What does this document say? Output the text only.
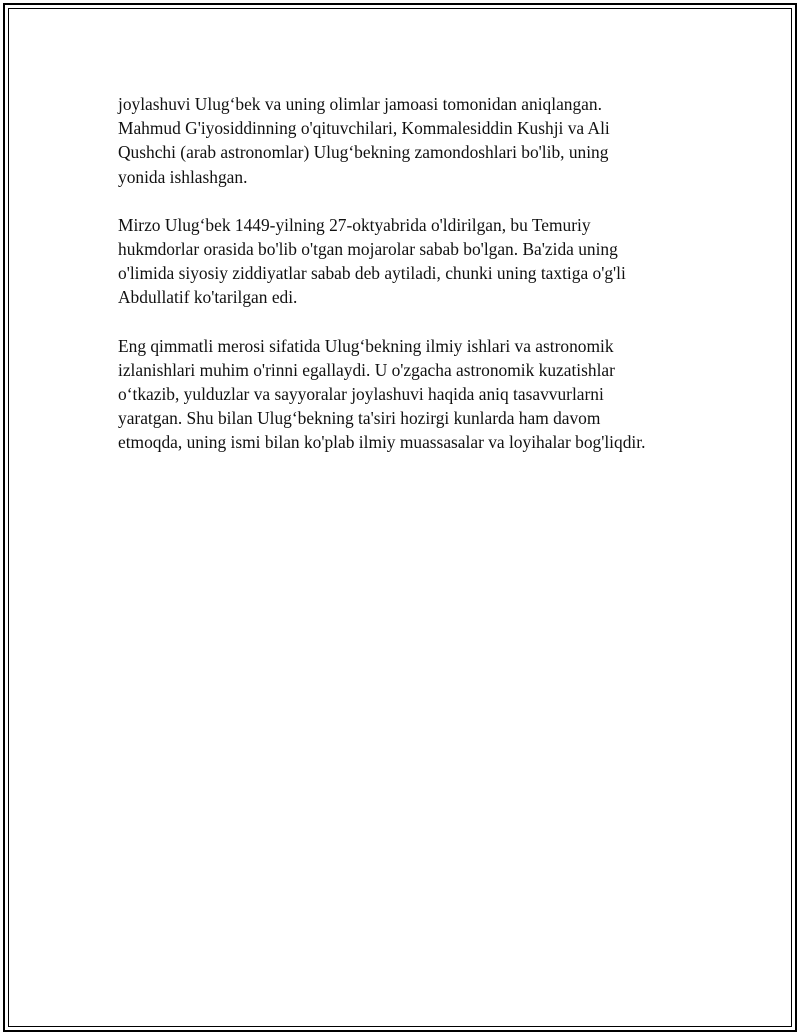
joylashuvi Ulug‘bek va uning olimlar jamoasi tomonidan aniqlangan.
Mahmud G'iyosiddinning o'qituvchilari, Kommalesiddin Kushji va Ali
Qushchi (arab astronomlar) Ulug‘bekning zamondoshlari bo'lib, uning
yonida ishlashgan.

Mirzo Ulug‘bek 1449-yilning 27-oktyabrida o'ldirilgan, bu Temuriy
hukmdorlar orasida bo'lib o'tgan mojarolar sabab bo'lgan. Ba'zida uning
o'limida siyosiy ziddiyatlar sabab deb aytiladi, chunki uning taxtiga o'g'li
Abdullatif ko'tarilgan edi.

Eng qimmatli merosi sifatida Ulug‘bekning ilmiy ishlari va astronomik
izlanishlari muhim o'rinni egallaydi. U o'zgacha astronomik kuzatishlar
o‘tkazib, yulduzlar va sayyoralar joylashuvi haqida aniq tasavvurlarni
yaratgan. Shu bilan Ulug‘bekning ta'siri hozirgi kunlarda ham davom
etmoqda, uning ismi bilan ko'plab ilmiy muassasalar va loyihalar bog'liqdir.
